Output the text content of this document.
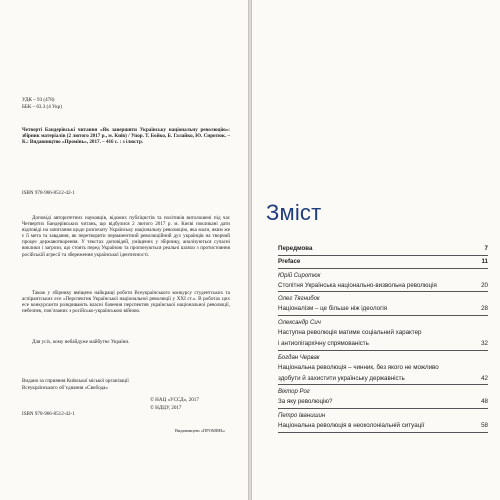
УДК – 93 (478)
ББК – 63.3 (4 Укр)
Четверті Бандерівські читання «Як завершити Українську національну революцію»: збірник матеріалів (2 лютого 2017 р., м. Київ) / Упор. Т. Бойко, Б. Галайко, Ю. Сиротюк. – К.: Видавництво «Промінь», 2017. – 416 с. : з ілюстр.
ISBN 978-966-8512-42-1
Доповіді авторитетних науковців, відомих публіцистів та політиків виголошені під час Четвертих Бандерівських читань, що відбулися 2 лютого 2017 р. м. Києві покликані дати відповіді на запитання щодо розпочату Українську національну революцію, яка мали, яким же є її мета та завдання, як перетворити перманентний революційний дух українців на творчий процес державотворення. У текстах доповідей, уміщених у збірнику, аналізуються сучасні виклики і загрози, що стоять перед Україною та пропонуються реальні шляхи з протистояння російській агресії та збереження української ідентичності.
Також у збірнику вміщено найкращі роботи Всеукраїнського конкурсу студентських та аспірантських есе «Перспектив Української національної революції у ХХІ ст.». В роботах цих есе конкурсанти розкривають власні бачення перспектив української національної революції, небезпек, пов’язаних з російсько-українською війною.
Для усіх, кому небайдуже майбутнє України.
Видано за сприяння Київської міської організації
Всеукраїнського об’єднання «Свобода»
ISBN 978-966-8512-42-1
© НАЦ «УССД», 2017
© НДЦУ, 2017
Видавництво «ПРОМІНЬ»
Зміст
Передмова	7
Preface	11
Юрій Сиротюк
Столітня Українська національно-визвольна революція	20
Олег Тягнибок
Націоналізм – це більше ніж ідеологія	28
Олександр Сич
Наступна революція матиме соціальний характер
і антиолігархічну спрямованість	32
Богдан Червак
Національна революція – чинник, без якого не можливо
здобути й захистити українську державність	42
Віктор Рог
За яку революцію?	48
Петро Іванишин
Національна революція в неоколоніальній ситуації	58
